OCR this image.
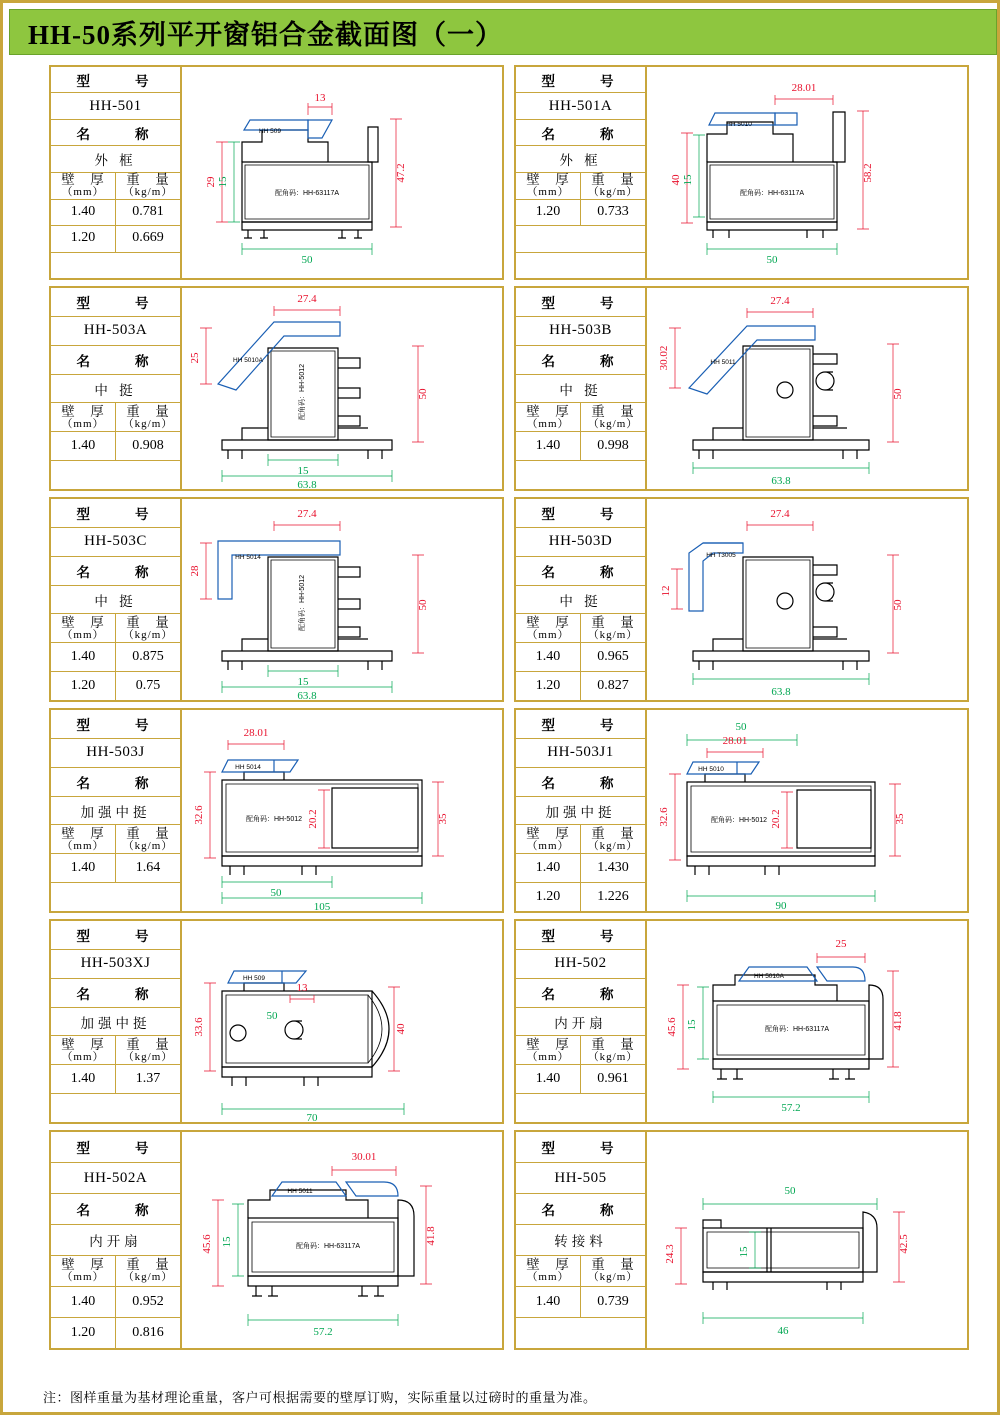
HH-50系列平开窗铝合金截面图（一）
型　　号
HH-501
名　　称
外 框
壁　厚
（mm）
重　量
（kg/m）
1.40	0.781
1.20	0.669
13
47.2
29 15
50
HH 509
配角码：HH-63117A
型　　号
HH-501A
名　　称
外 框
壁　厚
（mm）
重　量
（kg/m）
1.20	0.733
28.01
58.2
40 15
50
HH 5010
配角码：HH-63117A
型　　号
HH-503A
名　　称
中 挺
壁　厚
（mm）
重　量
（kg/m）
1.40	0.908
27.4
25
50
15
63.8
HH 5010A
配角码：HH-5012
型　　号
HH-503B
名　　称
中 挺
壁　厚
（mm）
重　量
（kg/m）
1.40	0.998
27.4
30.02
50
63.8
HH 5011
型　　号
HH-503C
名　　称
中 挺
壁　厚
（mm）
重　量
（kg/m）
1.40	0.875
1.20	0.75
27.4
28
50
15
63.8
HH 5014
配角码：HH-5012
型　　号
HH-503D
名　　称
中 挺
壁　厚
（mm）
重　量
（kg/m）
1.40	0.965
1.20	0.827
27.4
12
50
63.8
HH T3005
型　　号
HH-503J
名　　称
加强中挺
壁　厚
（mm）
重　量
（kg/m）
1.40	1.64
28.01
32.6	20.2	35
50
105
HH 5014
配角码：HH-5012
型　　号
HH-503J1
名　　称
加强中挺
壁　厚
（mm）
重　量
（kg/m）
1.40	1.430
1.20	1.226
50
28.01
32.6	20.2	35
90
HH 5010
配角码：HH-5012
型　　号
HH-503XJ
名　　称
加强中挺
壁　厚
（mm）
重　量
（kg/m）
1.40	1.37
13
33.6
50
40
70
HH 509
型　　号
HH-502
名　　称
内开扇
壁　厚
（mm）
重　量
（kg/m）
1.40	0.961
25
41.8
45.6 15
57.2
HH 5010A
配角码：HH-63117A
型　　号
HH-502A
名　　称
内开扇
壁　厚
（mm）
重　量
（kg/m）
1.40	0.952
1.20	0.816
30.01
41.8
45.6 15
57.2
HH 5011
配角码：HH-63117A
型　　号
HH-505
名　　称
转接料
壁　厚
（mm）
重　量
（kg/m）
1.40	0.739
50
42.5
24.3	15
46
注：图样重量为基材理论重量，客户可根据需要的壁厚订购，实际重量以过磅时的重量为准。
